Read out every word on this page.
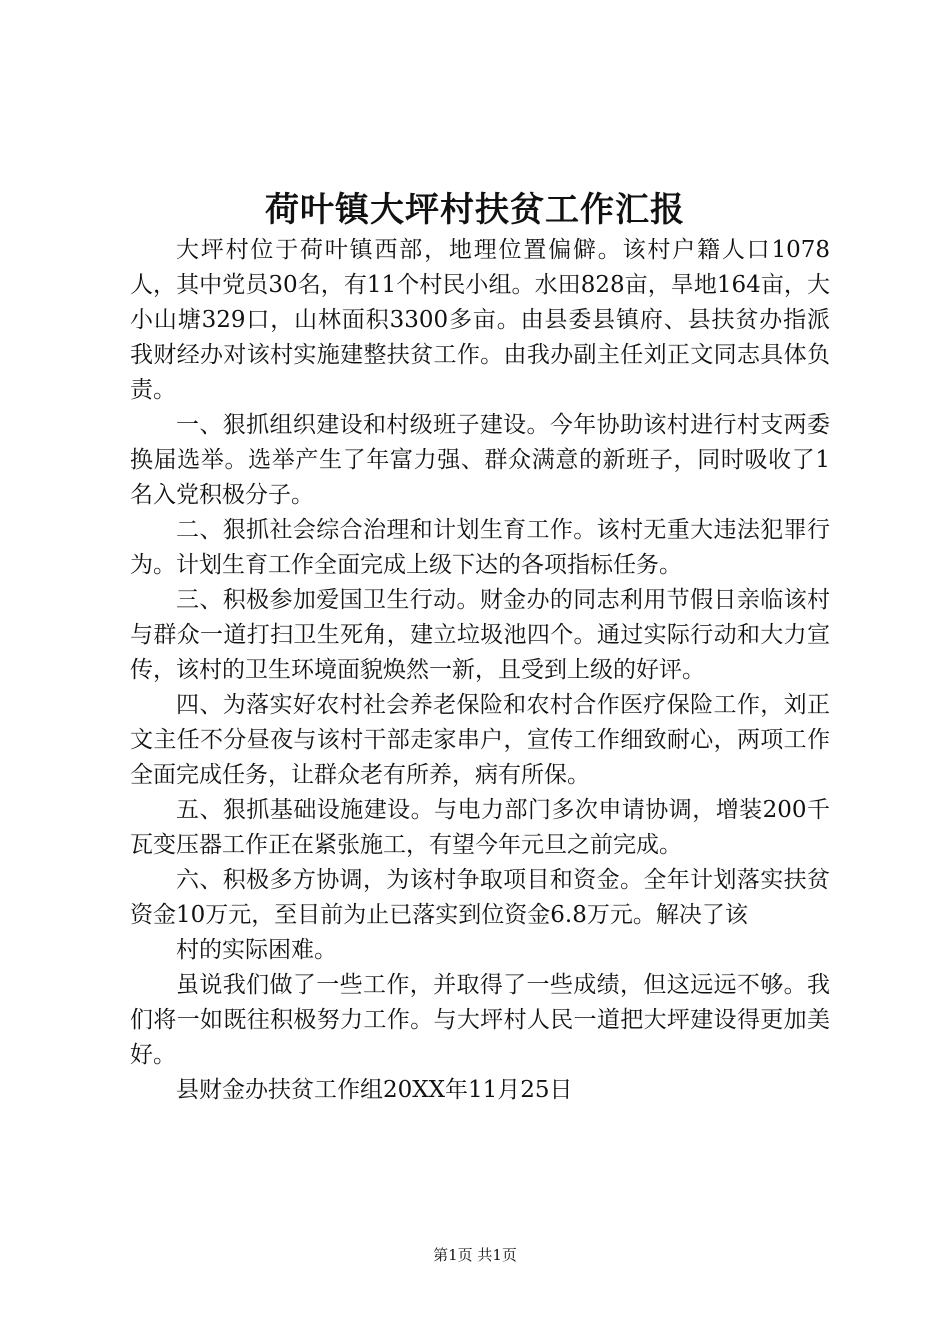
荷叶镇大坪村扶贫工作汇报

大坪村位于荷叶镇西部，地理位置偏僻。该村户籍人口1078人，其中党员30名，有11个村民小组。水田828亩，旱地164亩，大小山塘329口，山林面积3300多亩。由县委县镇府、县扶贫办指派我财经办对该村实施建整扶贫工作。由我办副主任刘正文同志具体负责。

一、狠抓组织建设和村级班子建设。今年协助该村进行村支两委换届选举。选举产生了年富力强、群众满意的新班子，同时吸收了1名入党积极分子。

二、狠抓社会综合治理和计划生育工作。该村无重大违法犯罪行为。计划生育工作全面完成上级下达的各项指标任务。

三、积极参加爱国卫生行动。财金办的同志利用节假日亲临该村与群众一道打扫卫生死角，建立垃圾池四个。通过实际行动和大力宣传，该村的卫生环境面貌焕然一新，且受到上级的好评。

四、为落实好农村社会养老保险和农村合作医疗保险工作，刘正文主任不分昼夜与该村干部走家串户，宣传工作细致耐心，两项工作全面完成任务，让群众老有所养，病有所保。

五、狠抓基础设施建设。与电力部门多次申请协调，增装200千瓦变压器工作正在紧张施工，有望今年元旦之前完成。

六、积极多方协调，为该村争取项目和资金。全年计划落实扶贫资金10万元，至目前为止已落实到位资金6.8万元。解决了该

村的实际困难。

虽说我们做了一些工作，并取得了一些成绩，但这远远不够。我们将一如既往积极努力工作。与大坪村人民一道把大坪建设得更加美好。

县财金办扶贫工作组20XX年11月25日

第1页 共1页
